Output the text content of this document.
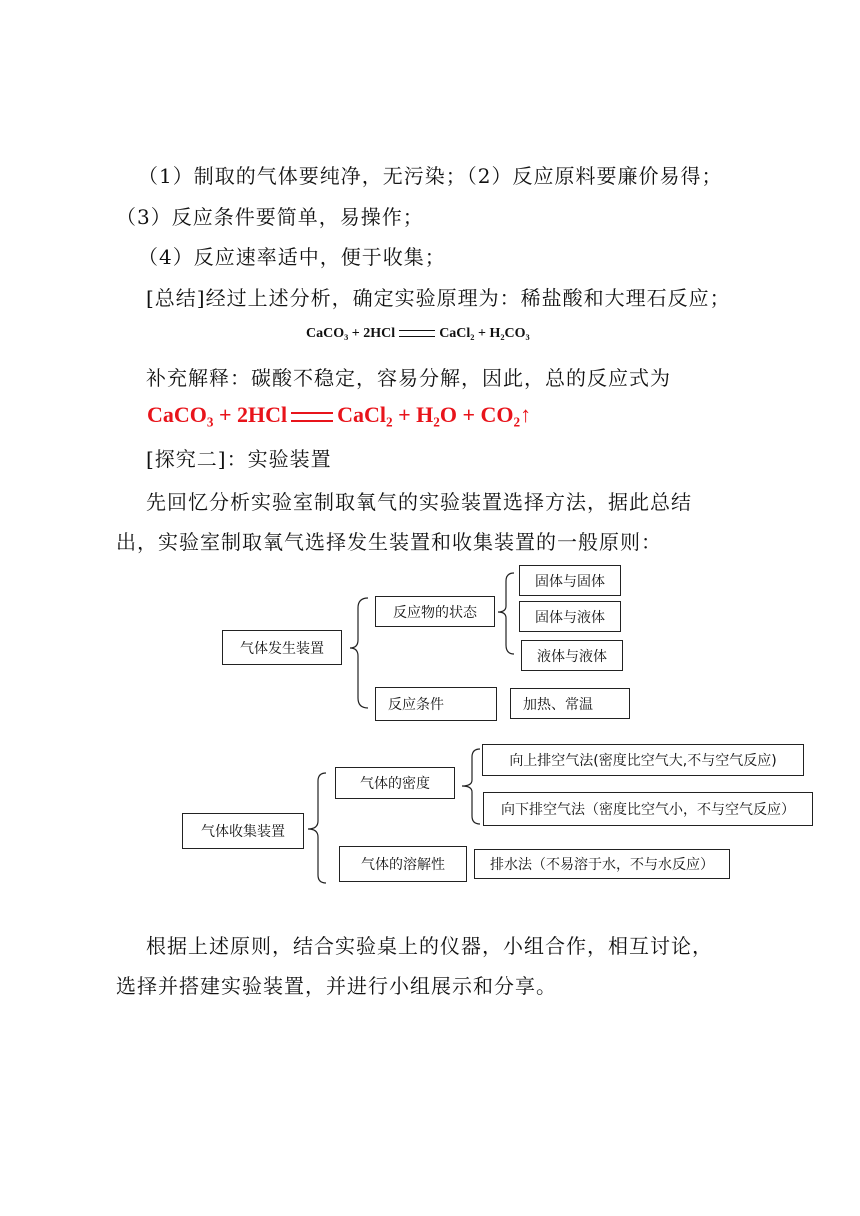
（1）制取的气体要纯净，无污染；（2）反应原料要廉价易得；
（3）反应条件要简单，易操作；
（4）反应速率适中，便于收集；
[总结]经过上述分析，确定实验原理为：稀盐酸和大理石反应；
CaCO₃ + 2HCl	CaCl₂ + H₂CO₃
补充解释：碳酸不稳定，容易分解，因此，总的反应式为
CaCO₃ + 2HCl CaCl₂ + H₂O + CO₂↑
[探究二]：实验装置
先回忆分析实验室制取氧气的实验装置选择方法，据此总结
出，实验室制取氧气选择发生装置和收集装置的一般原则：
气体发生装置
反应物的状态
固体与固体
固体与液体
液体与液体
反应条件	加热、常温
气体收集装置
气体的密度
向上排空气法(密度比空气大,不与空气反应)
向下排空气法（密度比空气小，不与空气反应）
气体的溶解性	排水法（不易溶于水，不与水反应）
根据上述原则，结合实验桌上的仪器，小组合作，相互讨论，
选择并搭建实验装置，并进行小组展示和分享。
